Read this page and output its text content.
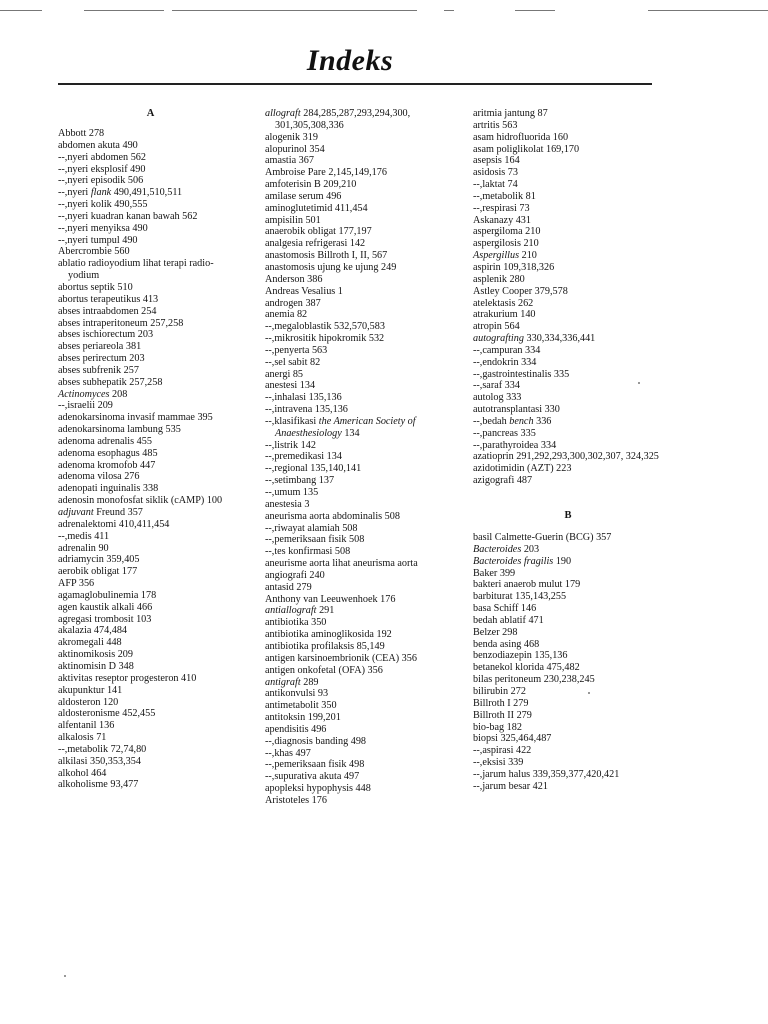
Indeks
A
Abbott 278
abdomen akuta 490
--,nyeri abdomen 562
--,nyeri eksplosif 490
--,nyeri episodik 506
--,nyeri flank 490,491,510,511
--,nyeri kolik 490,555
--,nyeri kuadran kanan bawah 562
--,nyeri menyiksa 490
--,nyeri tumpul 490
Abercrombie 560
ablatio radioyodium lihat terapi radio-yodium
abortus septik 510
abortus terapeutikus 413
abses intraabdomen 254
abses intraperitoneum 257,258
abses ischiorectum 203
abses periareola 381
abses perirectum 203
abses subfrenik 257
abses subhepatik 257,258
Actinomyces 208
--,israelii 209
adenokarsinoma invasif mammae 395
adenokarsinoma lambung 535
adenoma adrenalis 455
adenoma esophagus 485
adenoma kromofob 447
adenoma vilosa 276
adenopati inguinalis 338
adenosin monofosfat siklik (cAMP) 100
adjuvant Freund 357
adrenalektomi 410,411,454
--,medis 411
adrenalin 90
adriamycin 359,405
aerobik obligat 177
AFP 356
agamaglobulinemia 178
agen kaustik alkali 466
agregasi trombosit 103
akalazia 474,484
akromegali 448
aktinomikosis 209
aktinomisin D 348
aktivitas reseptor progesteron 410
akupunktur 141
aldosteron 120
aldosteronisme 452,455
alfentanil 136
alkalosis 71
--,metabolik 72,74,80
alkilasi 350,353,354
alkohol 464
alkoholisme 93,477
allograft 284,285,287,293,294,300, 301,305,308,336
alogenik 319
alopurinol 354
amastia 367
Ambroise Pare 2,145,149,176
amfoterisin B 209,210
amilase serum 496
aminoglutetimid 411,454
ampisilin 501
anaerobik obligat 177,197
analgesia refrigerasi 142
anastomosis Billroth I, II, 567
anastomosis ujung ke ujung 249
Anderson 386
Andreas Vesalius 1
androgen 387
anemia 82
--,megaloblastik 532,570,583
--,mikrositik hipokromik 532
--,penyerta 563
--,sel sabit 82
anergi 85
anestesi 134
--,inhalasi 135,136
--,intravena 135,136
--,klasifikasi the American Society of Anaesthesiology 134
--,listrik 142
--,premedikasi 134
--,regional 135,140,141
--,setimbang 137
--,umum 135
anestesia 3
aneurisma aorta abdominalis 508
--,riwayat alamiah 508
--,pemeriksaan fisik 508
--,tes konfirmasi 508
aneurisme aorta lihat aneurisma aorta
angiografi 240
antasid 279
Anthony van Leeuwenhoek 176
antiallograft 291
antibiotika 350
antibiotika aminoglikosida 192
antibiotika profilaksis 85,149
antigen karsinoembrionik (CEA) 356
antigen onkofetal (OFA) 356
antigraft 289
antikonvulsi 93
antimetabolit 350
antitoksin 199,201
apendisitis 496
--,diagnosis banding 498
--,khas 497
--,pemeriksaan fisik 498
--,supurativa akuta 497
apopleksi hypophysis 448
Aristoteles 176
aritmia jantung 87
artritis 563
asam hidrofluorida 160
asam poliglikolat 169,170
asepsis 164
asidosis 73
--,laktat 74
--,metabolik 81
--,respirasi 73
Askanazy 431
aspergiloma 210
aspergilosis 210
Aspergillus 210
aspirin 109,318,326
asplenik 280
Astley Cooper 379,578
atelektasis 262
atrakurium 140
atropin 564
autografting 330,334,336,441
--,campuran 334
--,endokrin 334
--,gastrointestinalis 335
--,saraf 334
autolog 333
autotransplantasi 330
--,bedah bench 336
--,pancreas 335
--,parathyroidea 334
azatioprin 291,292,293,300,302,307, 324,325
azidotimidin (AZT) 223
azigografi 487
B
basil Calmette-Guerin (BCG) 357
Bacteroides 203
Bacteroides fragilis 190
Baker 399
bakteri anaerob mulut 179
barbiturat 135,143,255
basa Schiff 146
bedah ablatif 471
Belzer 298
benda asing 468
benzodiazepin 135,136
betanekol klorida 475,482
bilas peritoneum 230,238,245
bilirubin 272
Billroth I 279
Billroth II 279
bio-bag 182
biopsi 325,464,487
--,aspirasi 422
--,eksisi 339
--,jarum halus 339,359,377,420,421
--,jarum besar 421
